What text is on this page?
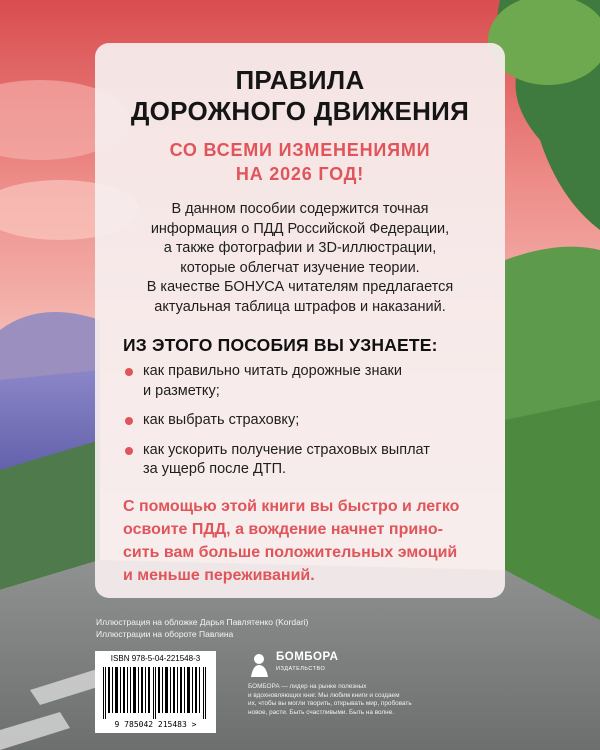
ПРАВИЛА
ДОРОЖНОГО ДВИЖЕНИЯ
СО ВСЕМИ ИЗМЕНЕНИЯМИ
НА 2026 ГОД!
В данном пособии содержится точная
информация о ПДД Российской Федерации,
а также фотографии и 3D-иллюстрации,
которые облегчат изучение теории.
В качестве БОНУСА читателям предлагается
актуальная таблица штрафов и наказаний.
ИЗ ЭТОГО ПОСОБИЯ ВЫ УЗНАЕТЕ:
как правильно читать дорожные знаки
и разметку;
как выбрать страховку;
как ускорить получение страховых выплат
за ущерб после ДТП.
С помощью этой книги вы быстро и легко
освоите ПДД, а вождение начнет прино-
сить вам больше положительных эмоций
и меньше переживаний.
Иллюстрация на обложке Дарья Павлятенко (Kordari)
Иллюстрации на обороте Павлина
ISBN 978-5-04-221548-3
9 785042 215483 >
БОМБОРА
ИЗДАТЕЛЬСТВО
БОМБОРА — лидер на рынке полезных
и вдохновляющих книг. Мы любим книги и создаем
их, чтобы вы могли творить, открывать мир, пробовать
новое, расти. Быть счастливыми. Быть на волне.
